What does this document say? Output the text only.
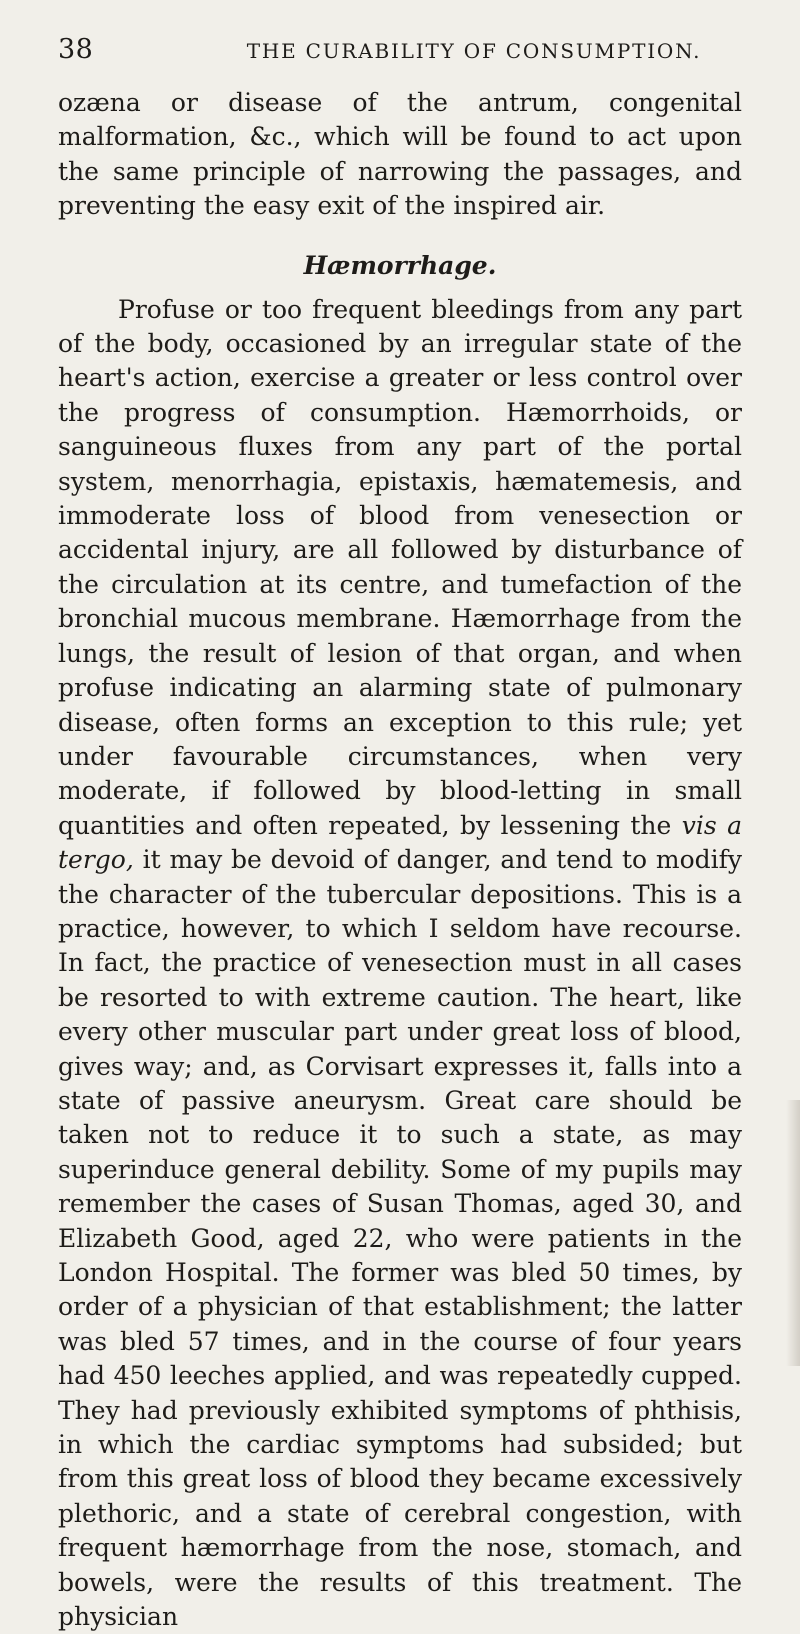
38	THE CURABILITY OF CONSUMPTION.

ozæna or disease of the antrum, congenital malformation, &c., which will be found to act upon the same principle of narrowing the passages, and preventing the easy exit of the inspired air.

Hæmorrhage.

Profuse or too frequent bleedings from any part of the body, occasioned by an irregular state of the heart's action, exercise a greater or less control over the progress of consumption. Hæmorrhoids, or sanguineous fluxes from any part of the portal system, menorrhagia, epistaxis, hæmatemesis, and immoderate loss of blood from venesection or accidental injury, are all followed by disturbance of the circulation at its centre, and tumefaction of the bronchial mucous membrane. Hæmorrhage from the lungs, the result of lesion of that organ, and when profuse indicating an alarming state of pulmonary disease, often forms an exception to this rule; yet under favourable circumstances, when very moderate, if followed by blood-letting in small quantities and often repeated, by lessening the vis a tergo, it may be devoid of danger, and tend to modify the character of the tubercular depositions. This is a practice, however, to which I seldom have recourse. In fact, the practice of venesection must in all cases be resorted to with extreme caution. The heart, like every other muscular part under great loss of blood, gives way; and, as Corvisart expresses it, falls into a state of passive aneurysm. Great care should be taken not to reduce it to such a state, as may superinduce general debility. Some of my pupils may remember the cases of Susan Thomas, aged 30, and Elizabeth Good, aged 22, who were patients in the London Hospital. The former was bled 50 times, by order of a physician of that establishment; the latter was bled 57 times, and in the course of four years had 450 leeches applied, and was repeatedly cupped. They had previously exhibited symptoms of phthisis, in which the cardiac symptoms had subsided; but from this great loss of blood they became excessively plethoric, and a state of cerebral congestion, with frequent hæmorrhage from the nose, stomach, and bowels, were the results of this treatment. The physician
